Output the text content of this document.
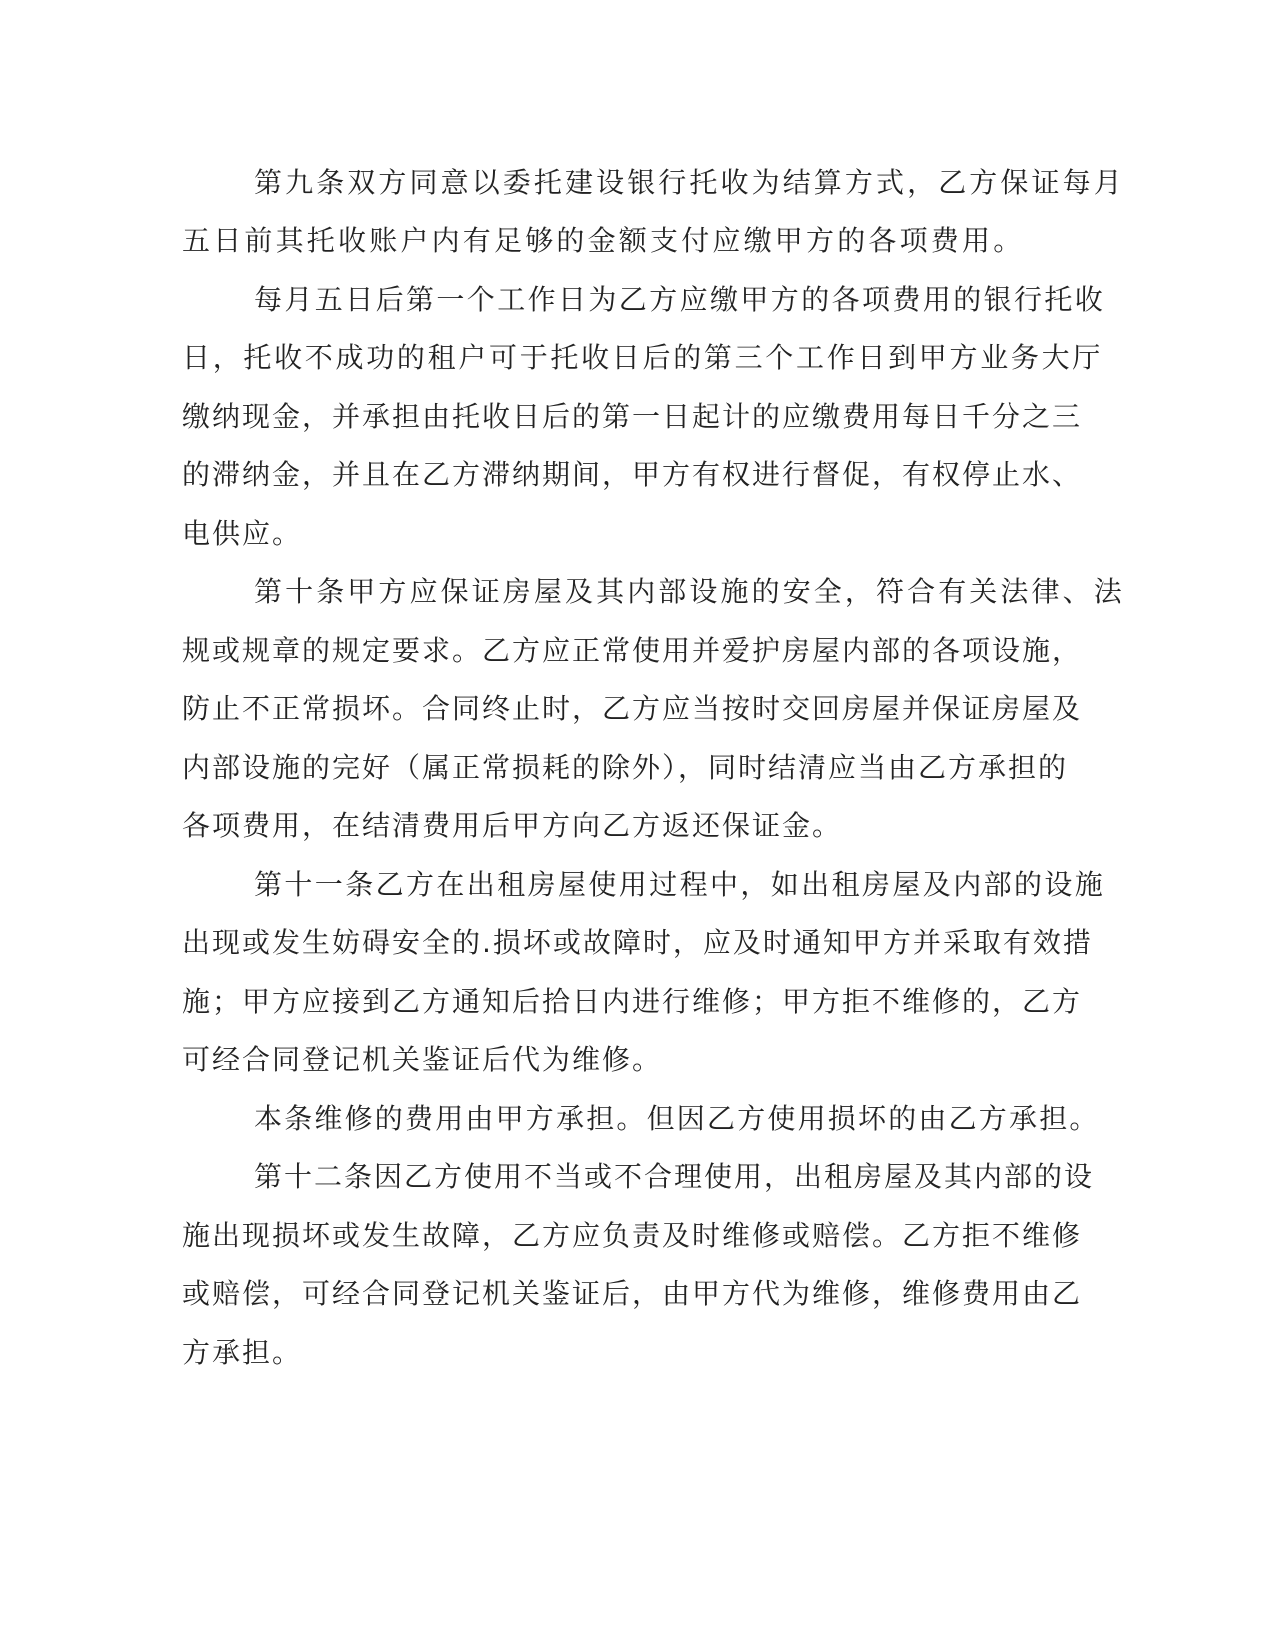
第九条双方同意以委托建设银行托收为结算方式，乙方保证每月
五日前其托收账户内有足够的金额支付应缴甲方的各项费用。
每月五日后第一个工作日为乙方应缴甲方的各项费用的银行托收
日，托收不成功的租户可于托收日后的第三个工作日到甲方业务大厅
缴纳现金，并承担由托收日后的第一日起计的应缴费用每日千分之三
的滞纳金，并且在乙方滞纳期间，甲方有权进行督促，有权停止水、
电供应。
第十条甲方应保证房屋及其内部设施的安全，符合有关法律、法
规或规章的规定要求。乙方应正常使用并爱护房屋内部的各项设施，
防止不正常损坏。合同终止时，乙方应当按时交回房屋并保证房屋及
内部设施的完好（属正常损耗的除外），同时结清应当由乙方承担的
各项费用，在结清费用后甲方向乙方返还保证金。
第十一条乙方在出租房屋使用过程中，如出租房屋及内部的设施
出现或发生妨碍安全的.损坏或故障时，应及时通知甲方并采取有效措
施；甲方应接到乙方通知后拾日内进行维修；甲方拒不维修的，乙方
可经合同登记机关鉴证后代为维修。
本条维修的费用由甲方承担。但因乙方使用损坏的由乙方承担。
第十二条因乙方使用不当或不合理使用，出租房屋及其内部的设
施出现损坏或发生故障，乙方应负责及时维修或赔偿。乙方拒不维修
或赔偿，可经合同登记机关鉴证后，由甲方代为维修，维修费用由乙
方承担。
